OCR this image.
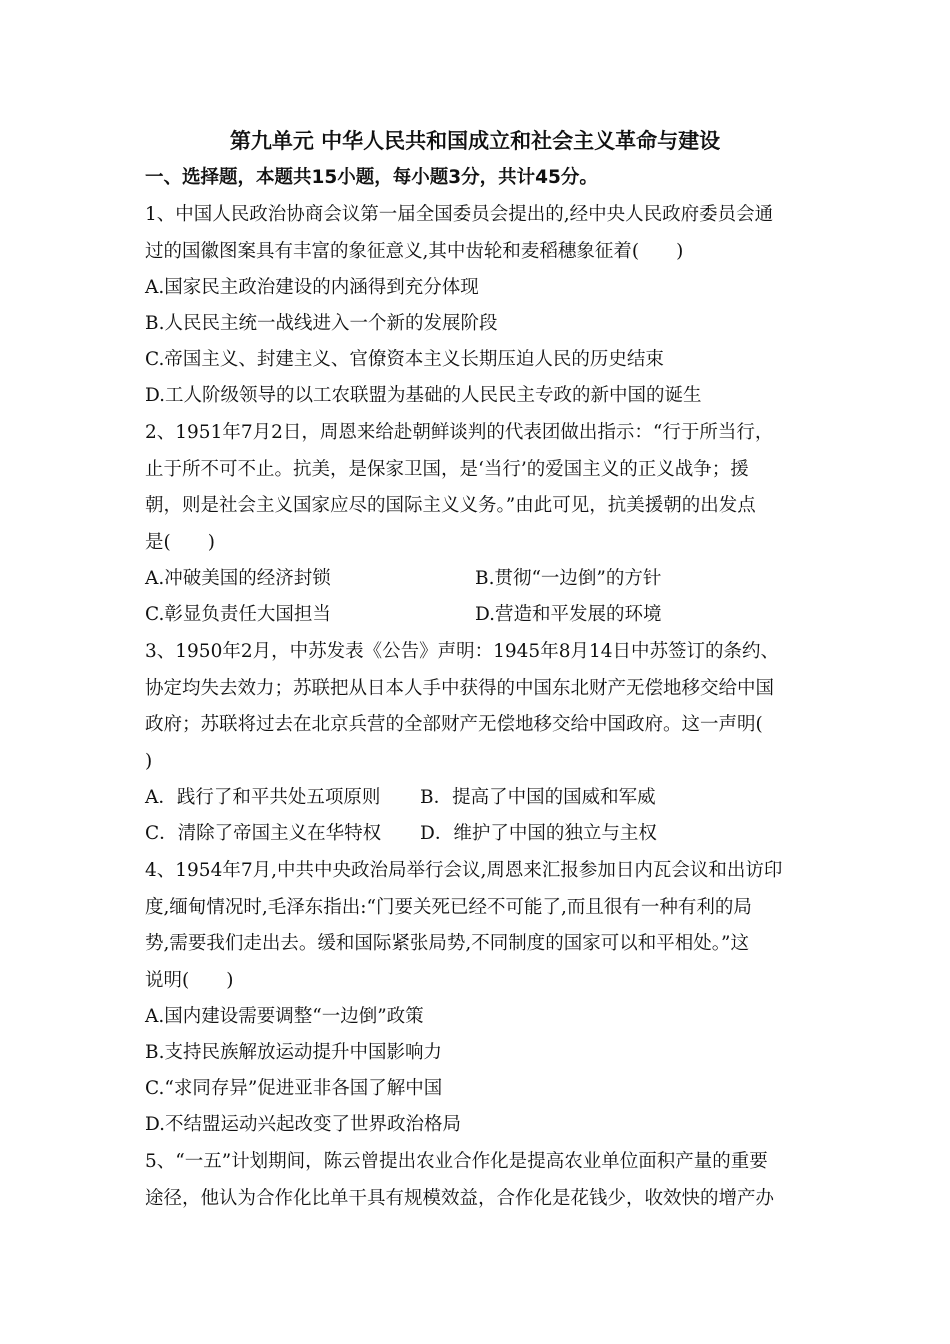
第九单元 中华人民共和国成立和社会主义革命与建设
一、选择题，本题共15小题，每小题3分，共计45分。
1、中国人民政治协商会议第一届全国委员会提出的,经中央人民政府委员会通
过的国徽图案具有丰富的象征意义,其中齿轮和麦稻穗象征着(　　)
A.国家民主政治建设的内涵得到充分体现
B.人民民主统一战线进入一个新的发展阶段
C.帝国主义、封建主义、官僚资本主义长期压迫人民的历史结束
D.工人阶级领导的以工农联盟为基础的人民民主专政的新中国的诞生
2、1951年7月2日，周恩来给赴朝鲜谈判的代表团做出指示：“行于所当行，
止于所不可不止。抗美，是保家卫国，是‘当行’的爱国主义的正义战争；援
朝，则是社会主义国家应尽的国际主义义务。”由此可见，抗美援朝的出发点
是(　　)
A.冲破美国的经济封锁	B.贯彻“一边倒”的方针
C.彰显负责任大国担当	D.营造和平发展的环境
3、1950年2月，中苏发表《公告》声明：1945年8月14日中苏签订的条约、
协定均失去效力；苏联把从日本人手中获得的中国东北财产无偿地移交给中国
政府；苏联将过去在北京兵营的全部财产无偿地移交给中国政府。这一声明(
)
A．践行了和平共处五项原则 B．提高了中国的国威和军威
C．清除了帝国主义在华特权 D．维护了中国的独立与主权
4、1954年7月,中共中央政治局举行会议,周恩来汇报参加日内瓦会议和出访印
度,缅甸情况时,毛泽东指出:“门要关死已经不可能了,而且很有一种有利的局
势,需要我们走出去。缓和国际紧张局势,不同制度的国家可以和平相处。”这
说明(　　)
A.国内建设需要调整“一边倒”政策
B.支持民族解放运动提升中国影响力
C.“求同存异”促进亚非各国了解中国
D.不结盟运动兴起改变了世界政治格局
5、“一五”计划期间，陈云曾提出农业合作化是提高农业单位面积产量的重要
途径，他认为合作化比单干具有规模效益，合作化是花钱少，收效快的增产办
